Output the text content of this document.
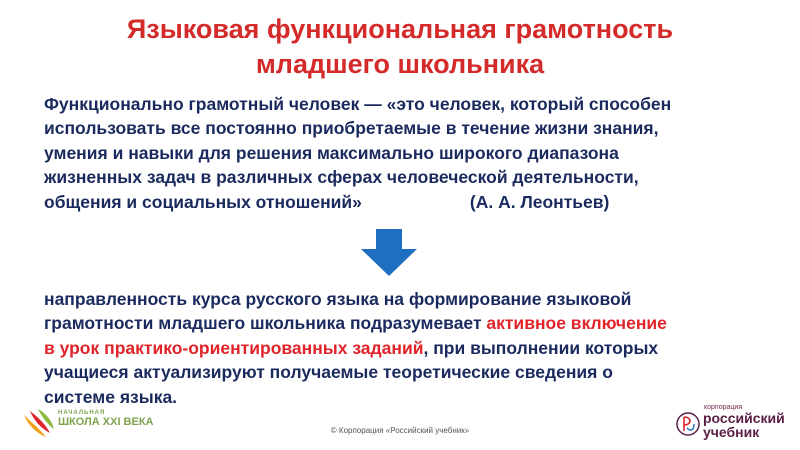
Языковая функциональная грамотность
младшего школьника
Функционально грамотный человек — «это человек, который способен
использовать все постоянно приобретаемые в течение жизни знания,
умения и навыки для решения максимально широкого диапазона
жизненных задач в различных сферах человеческой деятельности,
общения и социальных отношений»	(А. А. Леонтьев)
направленность курса русского языка на формирование языковой
грамотности младшего школьника подразумевает активное включение
в урок практико-ориентированных заданий, при выполнении которых
учащиеся актуализируют получаемые теоретические сведения о
системе языка.
НАЧАЛЬНАЯ
ШКОЛА XXI ВЕКА
© Корпорация «Российский учебник»
корпорация
российский
учебник
